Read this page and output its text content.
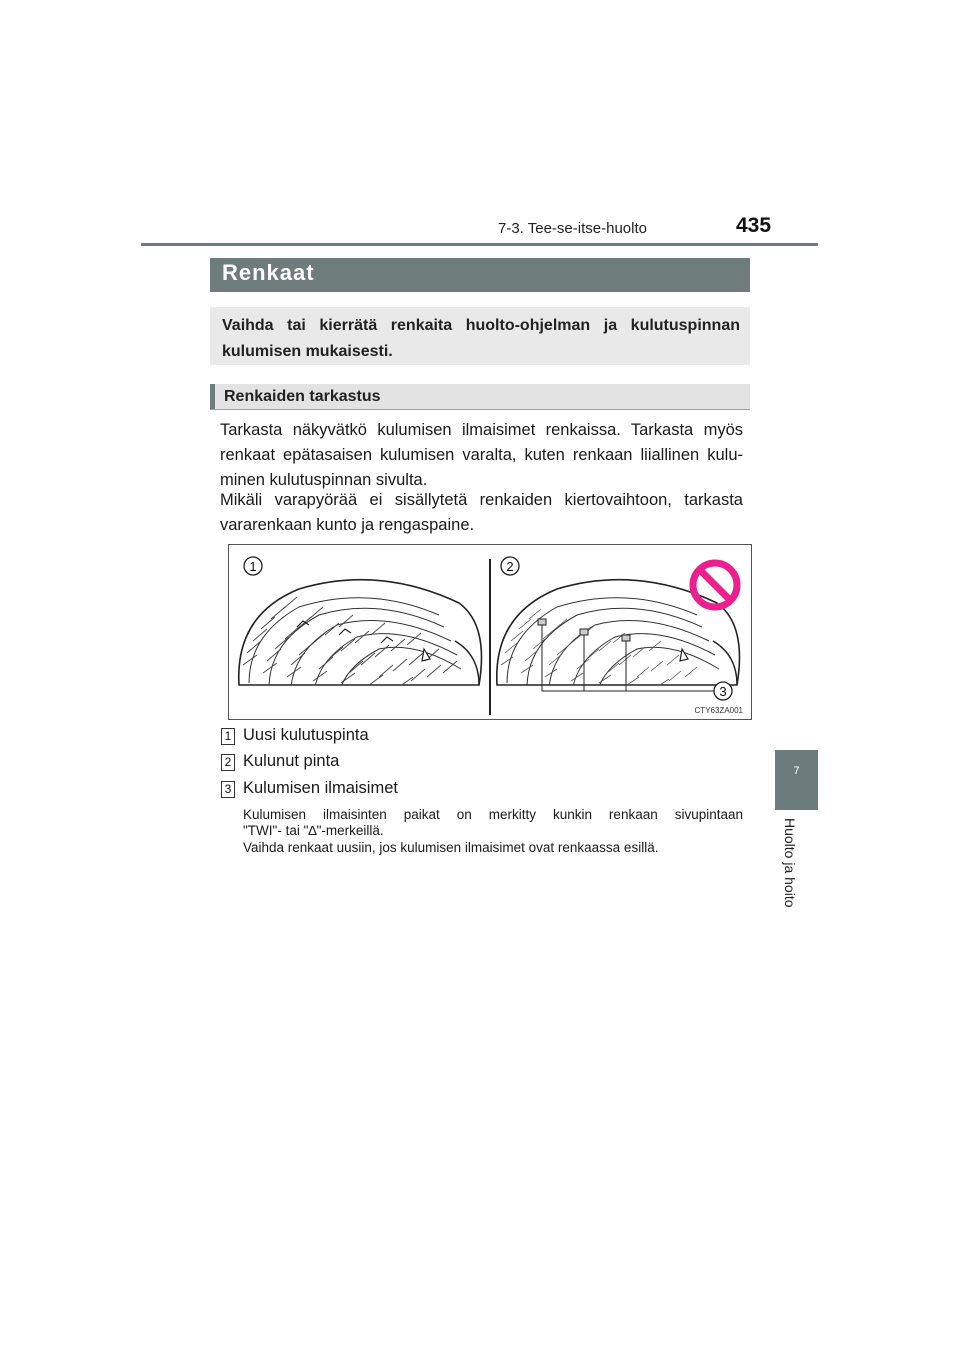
7-3. Tee-se-itse-huolto	435
7
Huolto ja hoito
Renkaat
Vaihda tai kierrätä renkaita huolto-ohjelman ja kulutuspinnan kulumisen mukaisesti.
Renkaiden tarkastus
Tarkasta näkyvätkö kulumisen ilmaisimet renkaissa. Tarkasta myös renkaat epätasaisen kulumisen varalta, kuten renkaan liiallinen kulu-minen kulutuspinnan sivulta.
Mikäli varapyörää ei sisällytetä renkaiden kiertovaihtoon, tarkasta vararenkaan kunto ja rengaspaine.
1	2
3
CTY63ZA001
1 Uusi kulutuspinta
2 Kulunut pinta
3 Kulumisen ilmaisimet
Kulumisen ilmaisinten paikat on merkitty kunkin renkaan sivupintaan
"TWI"- tai "∆"-merkeillä.
Vaihda renkaat uusiin, jos kulumisen ilmaisimet ovat renkaassa esillä.
